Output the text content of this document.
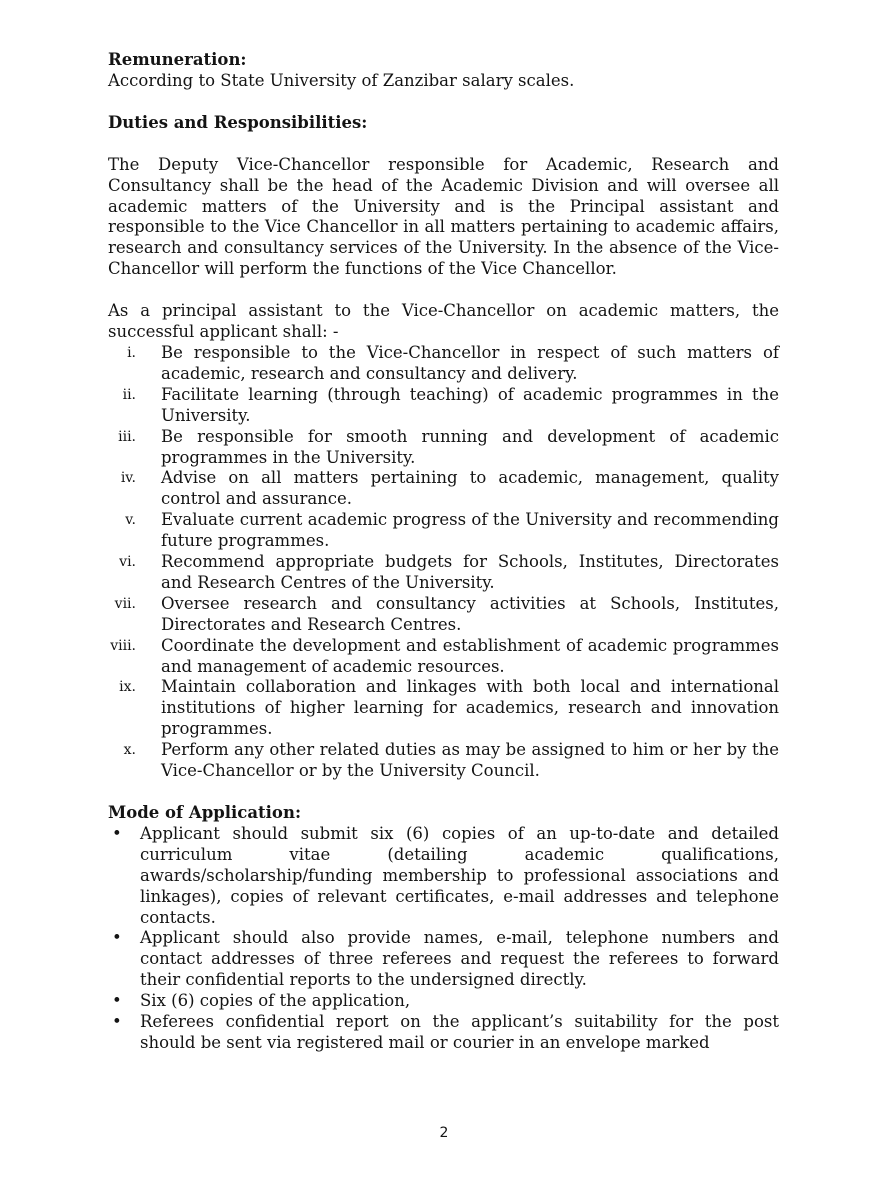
Remuneration:

According to State University of Zanzibar salary scales.

Duties and Responsibilities:

The Deputy Vice-Chancellor responsible for Academic, Research and Consultancy shall be the head of the Academic Division and will oversee all academic matters of the University and is the Principal assistant and responsible to the Vice Chancellor in all matters pertaining to academic affairs, research and consultancy services of the University. In the absence of the Vice-Chancellor will perform the functions of the Vice Chancellor.

As a principal assistant to the Vice-Chancellor on academic matters, the successful applicant shall: -

i. Be responsible to the Vice-Chancellor in respect of such matters of academic, research and consultancy and delivery.
ii. Facilitate learning (through teaching) of academic programmes in the University.
iii. Be responsible for smooth running and development of academic programmes in the University.
iv. Advise on all matters pertaining to academic, management, quality control and assurance.
v. Evaluate current academic progress of the University and recommending future programmes.
vi. Recommend appropriate budgets for Schools, Institutes, Directorates and Research Centres of the University.
vii. Oversee research and consultancy activities at Schools, Institutes, Directorates and Research Centres.
viii. Coordinate the development and establishment of academic programmes and management of academic resources.
ix. Maintain collaboration and linkages with both local and international institutions of higher learning for academics, research and innovation programmes.
x. Perform any other related duties as may be assigned to him or her by the Vice-Chancellor or by the University Council.

Mode of Application:

• Applicant should submit six (6) copies of an up-to-date and detailed curriculum vitae (detailing academic qualifications, awards/scholarship/funding membership to professional associations and linkages), copies of relevant certificates, e-mail addresses and telephone contacts.
• Applicant should also provide names, e-mail, telephone numbers and contact addresses of three referees and request the referees to forward their confidential reports to the undersigned directly.
• Six (6) copies of the application,
• Referees confidential report on the applicant’s suitability for the post should be sent via registered mail or courier in an envelope marked
2
